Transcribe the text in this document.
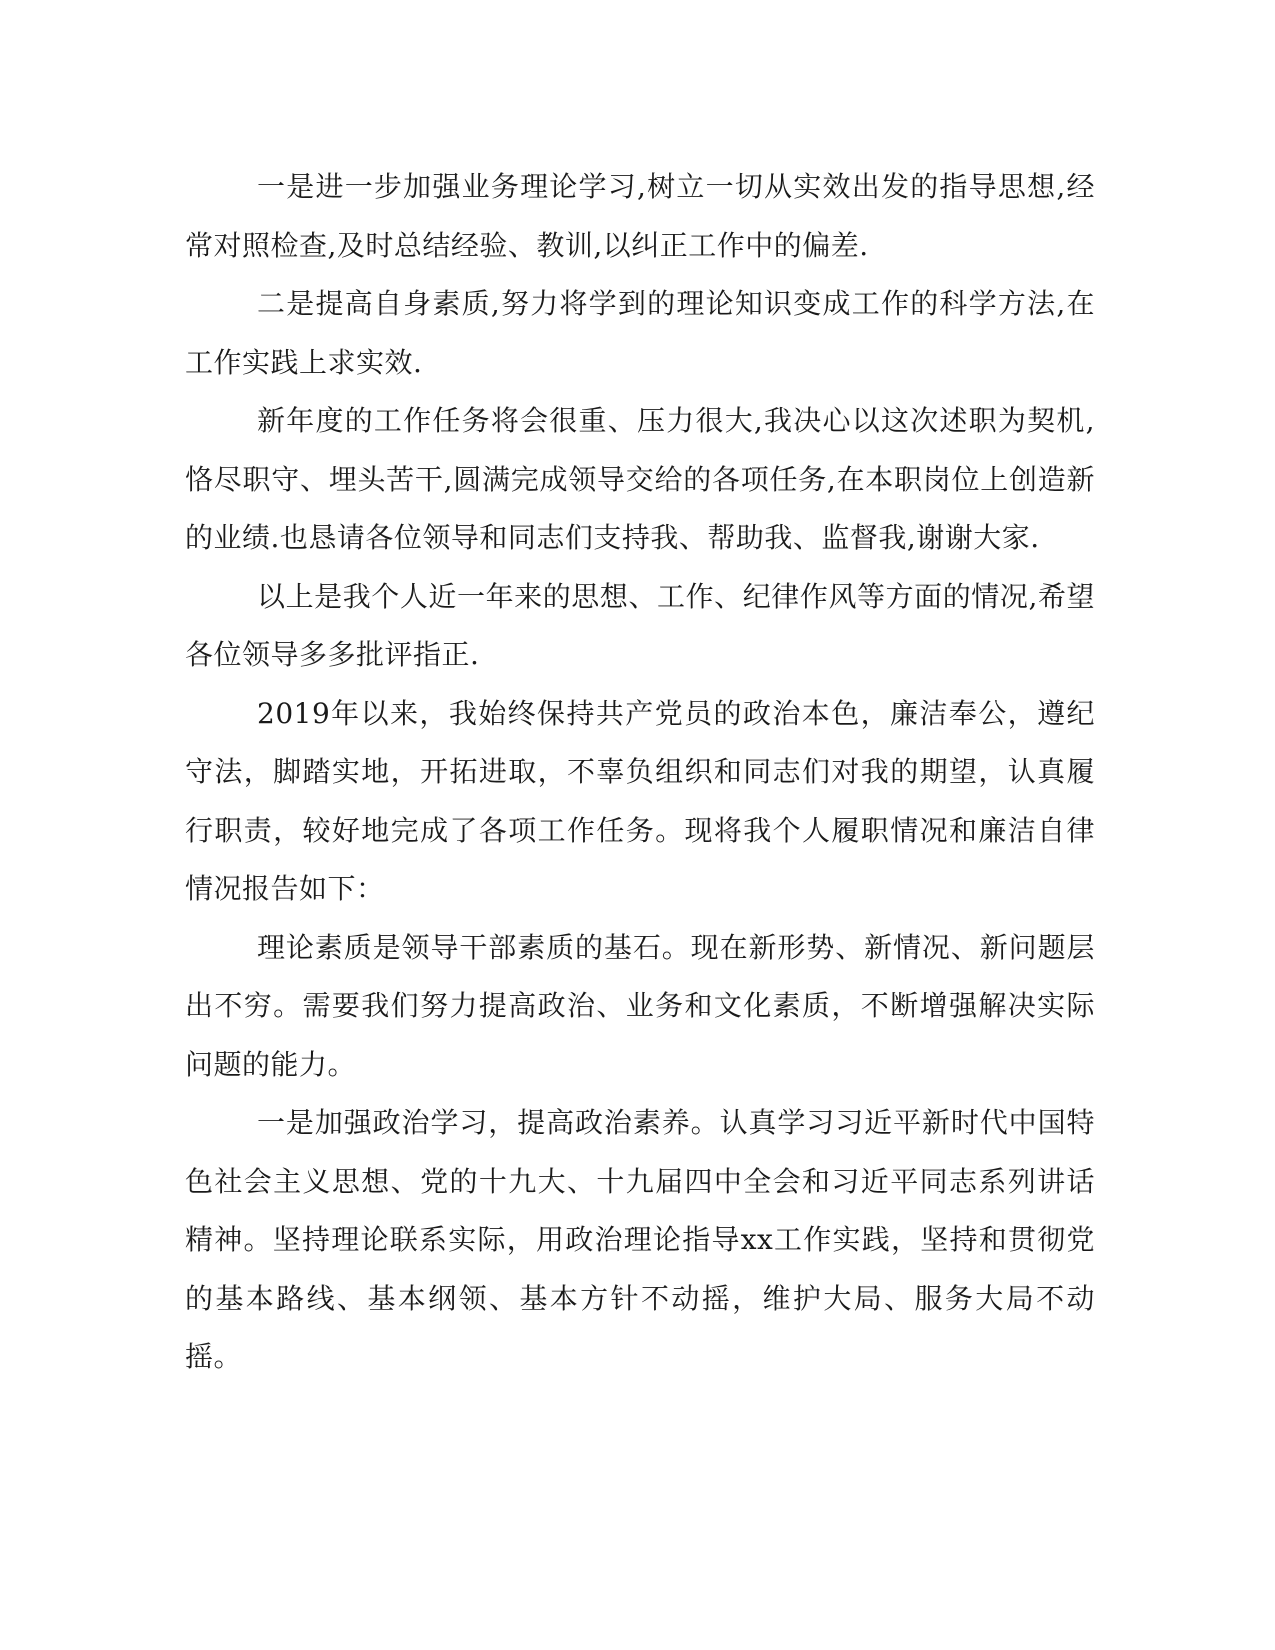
一是进一步加强业务理论学习,树立一切从实效出发的指导思想,经常对照检查,及时总结经验、教训,以纠正工作中的偏差.

二是提高自身素质,努力将学到的理论知识变成工作的科学方法,在工作实践上求实效.

新年度的工作任务将会很重、压力很大,我决心以这次述职为契机,恪尽职守、埋头苦干,圆满完成领导交给的各项任务,在本职岗位上创造新的业绩.也恳请各位领导和同志们支持我、帮助我、监督我,谢谢大家.

以上是我个人近一年来的思想、工作、纪律作风等方面的情况,希望各位领导多多批评指正.

2019年以来，我始终保持共产党员的政治本色，廉洁奉公，遵纪守法，脚踏实地，开拓进取，不辜负组织和同志们对我的期望，认真履行职责，较好地完成了各项工作任务。现将我个人履职情况和廉洁自律情况报告如下：

理论素质是领导干部素质的基石。现在新形势、新情况、新问题层出不穷。需要我们努力提高政治、业务和文化素质，不断增强解决实际问题的能力。

一是加强政治学习，提高政治素养。认真学习习近平新时代中国特色社会主义思想、党的十九大、十九届四中全会和习近平同志系列讲话精神。坚持理论联系实际，用政治理论指导xx工作实践，坚持和贯彻党的基本路线、基本纲领、基本方针不动摇，维护大局、服务大局不动摇。
